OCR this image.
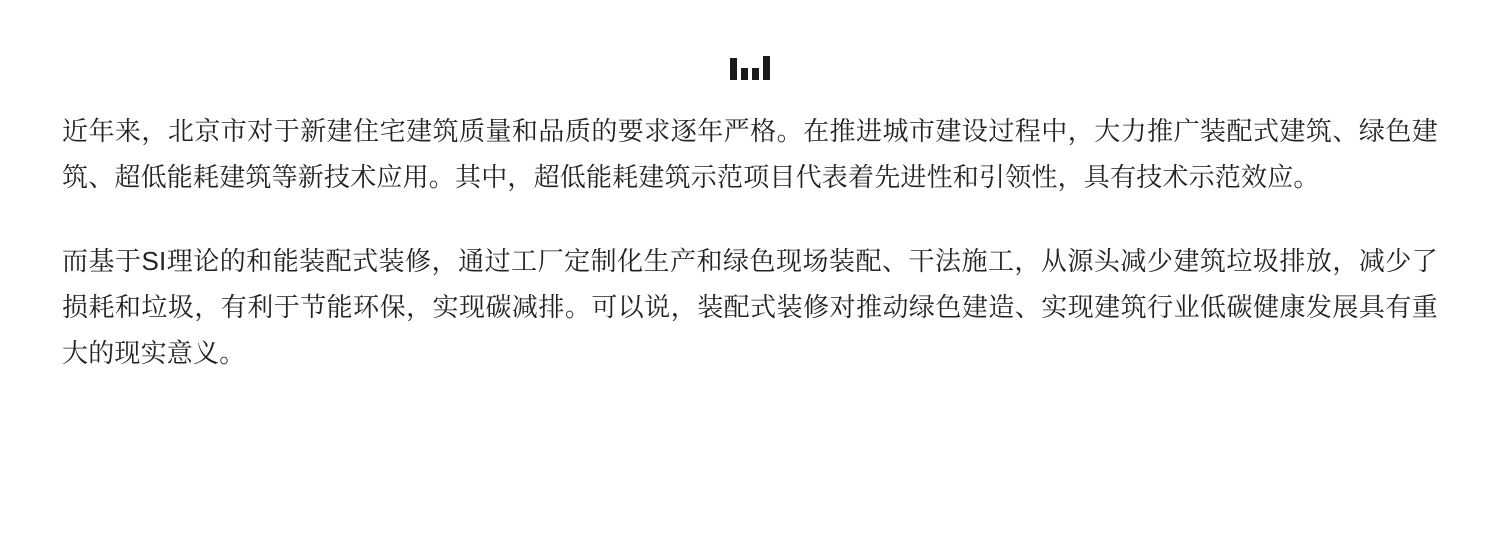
近年来，北京市对于新建住宅建筑质量和品质的要求逐年严格。在推进城市建设过程中，大力推广装配式建筑、绿色建筑、超低能耗建筑等新技术应用。其中，超低能耗建筑示范项目代表着先进性和引领性，具有技术示范效应。

而基于SI理论的和能装配式装修，通过工厂定制化生产和绿色现场装配、干法施工，从源头减少建筑垃圾排放，减少了损耗和垃圾，有利于节能环保，实现碳减排。可以说，装配式装修对推动绿色建造、实现建筑行业低碳健康发展具有重大的现实意义。
